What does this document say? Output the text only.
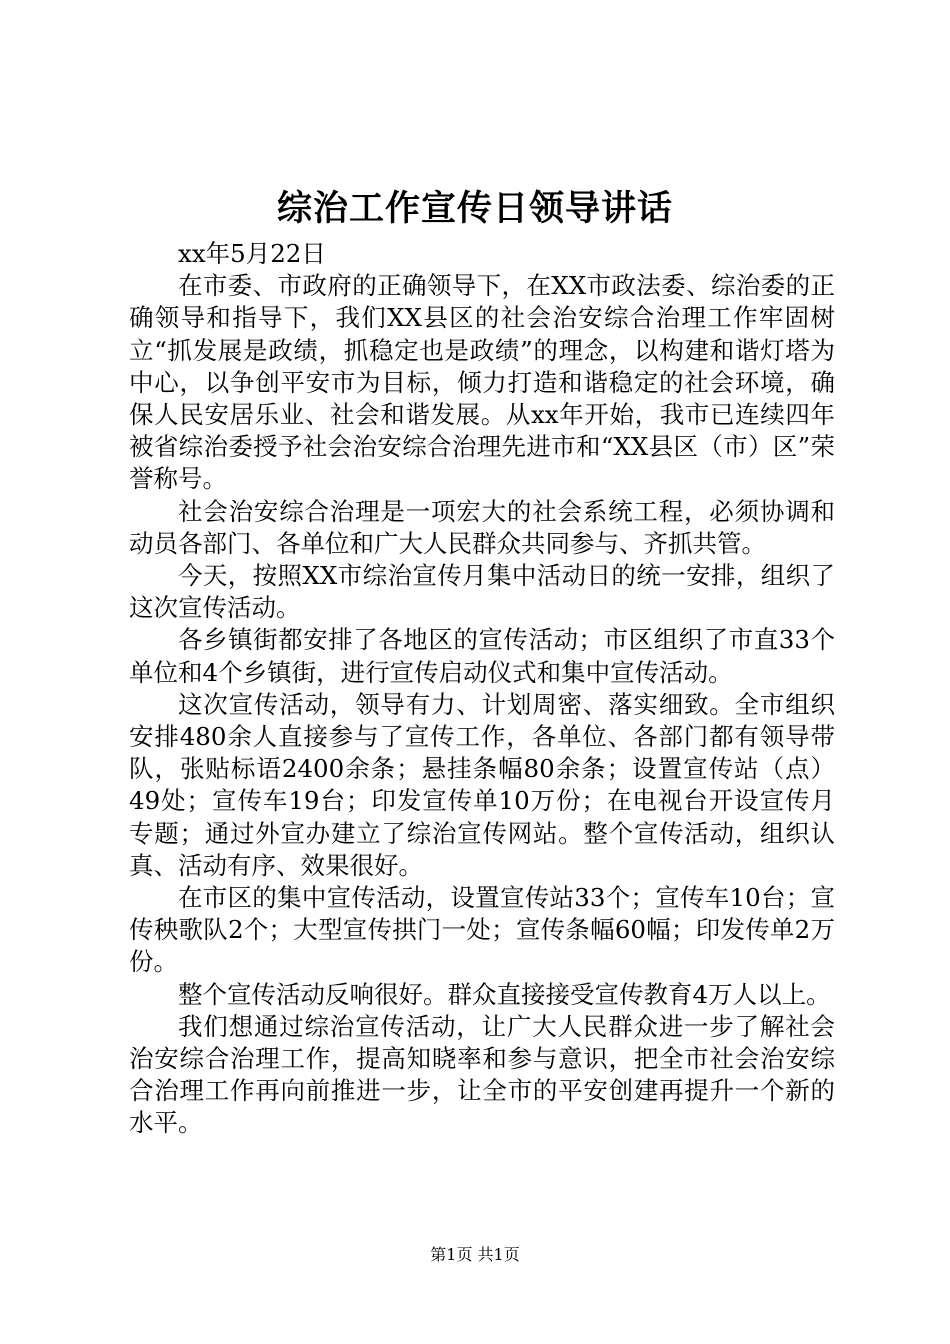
综治工作宣传日领导讲话

xx年5月22日

在市委、市政府的正确领导下，在XX市政法委、综治委的正确领导和指导下，我们XX县区的社会治安综合治理工作牢固树立“抓发展是政绩，抓稳定也是政绩”的理念，以构建和谐灯塔为中心，以争创平安市为目标，倾力打造和谐稳定的社会环境，确保人民安居乐业、社会和谐发展。从xx年开始，我市已连续四年被省综治委授予社会治安综合治理先进市和“XX县区（市）区”荣誉称号。

社会治安综合治理是一项宏大的社会系统工程，必须协调和动员各部门、各单位和广大人民群众共同参与、齐抓共管。

今天，按照XX市综治宣传月集中活动日的统一安排，组织了这次宣传活动。

各乡镇街都安排了各地区的宣传活动；市区组织了市直33个单位和4个乡镇街，进行宣传启动仪式和集中宣传活动。

这次宣传活动，领导有力、计划周密、落实细致。全市组织安排480余人直接参与了宣传工作，各单位、各部门都有领导带队，张贴标语2400余条；悬挂条幅80余条；设置宣传站（点）49处；宣传车19台；印发宣传单10万份；在电视台开设宣传月专题；通过外宣办建立了综治宣传网站。整个宣传活动，组织认真、活动有序、效果很好。

在市区的集中宣传活动，设置宣传站33个；宣传车10台；宣传秧歌队2个；大型宣传拱门一处；宣传条幅60幅；印发传单2万份。

整个宣传活动反响很好。群众直接接受宣传教育4万人以上。

我们想通过综治宣传活动，让广大人民群众进一步了解社会治安综合治理工作，提高知晓率和参与意识，把全市社会治安综合治理工作再向前推进一步，让全市的平安创建再提升一个新的水平。

第1页 共1页
